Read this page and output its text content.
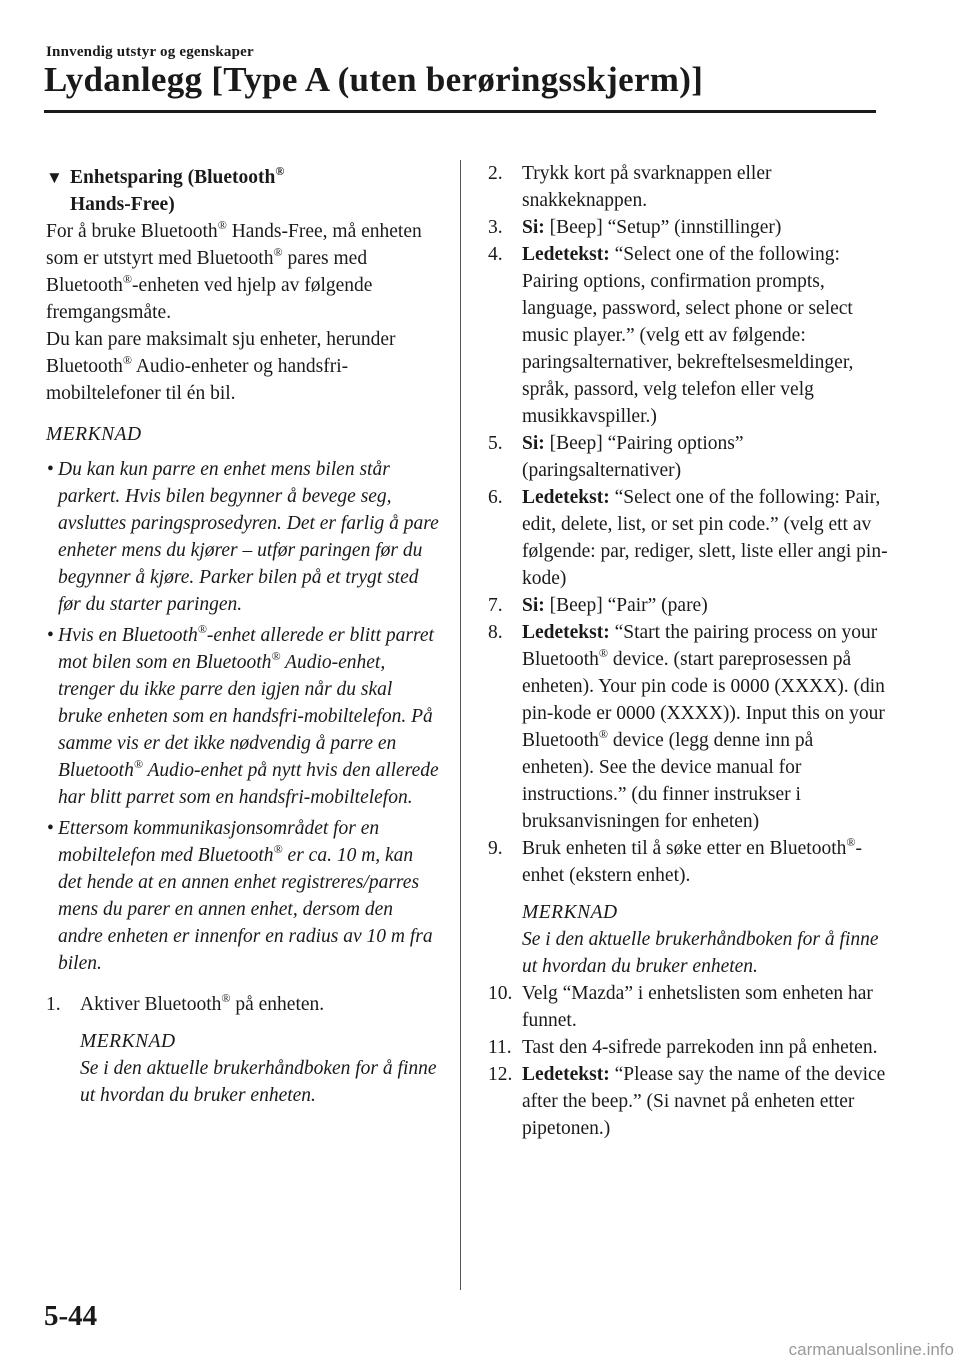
Innvendig utstyr og egenskaper
Lydanlegg [Type A (uten berøringsskjerm)]

▼ Enhetsparing (Bluetooth®
Hands-Free)

For å bruke Bluetooth® Hands-Free, må enheten som er utstyrt med Bluetooth® pares med Bluetooth®-enheten ved hjelp av følgende fremgangsmåte.

Du kan pare maksimalt sju enheter, herunder Bluetooth® Audio-enheter og handsfri-mobiltelefoner til én bil.

MERKNAD

• Du kan kun parre en enhet mens bilen står parkert. Hvis bilen begynner å bevege seg, avsluttes paringsprosedyren. Det er farlig å pare enheter mens du kjører – utfør paringen før du begynner å kjøre. Parker bilen på et trygt sted før du starter paringen.

• Hvis en Bluetooth®-enhet allerede er blitt parret mot bilen som en Bluetooth® Audio-enhet, trenger du ikke parre den igjen når du skal bruke enheten som en handsfri-mobiltelefon. På samme vis er det ikke nødvendig å parre en Bluetooth® Audio-enhet på nytt hvis den allerede har blitt parret som en handsfri-mobiltelefon.

• Ettersom kommunikasjonsområdet for en mobiltelefon med Bluetooth® er ca. 10 m, kan det hende at en annen enhet registreres/parres mens du parer en annen enhet, dersom den andre enheten er innenfor en radius av 10 m fra bilen.

1. Aktiver Bluetooth® på enheten.

MERKNAD

Se i den aktuelle brukerhåndboken for å finne ut hvordan du bruker enheten.

2. Trykk kort på svarknappen eller snakkeknappen.

3. Si: [Beep] “Setup” (innstillinger)

4. Ledetekst: “Select one of the following: Pairing options, confirmation prompts, language, password, select phone or select music player.” (velg ett av følgende: paringsalternativer, bekreftelsesmeldinger, språk, passord, velg telefon eller velg musikkavspiller.)

5. Si: [Beep] “Pairing options” (paringsalternativer)

6. Ledetekst: “Select one of the following: Pair, edit, delete, list, or set pin code.” (velg ett av følgende: par, rediger, slett, liste eller angi pin-kode)

7. Si: [Beep] “Pair” (pare)

8. Ledetekst: “Start the pairing process on your Bluetooth® device. (start pareprosessen på enheten). Your pin code is 0000 (XXXX). (din pin-kode er 0000 (XXXX)). Input this on your Bluetooth® device (legg denne inn på enheten). See the device manual for instructions.” (du finner instrukser i bruksanvisningen for enheten)

9. Bruk enheten til å søke etter en Bluetooth®-enhet (ekstern enhet).

MERKNAD

Se i den aktuelle brukerhåndboken for å finne ut hvordan du bruker enheten.

10. Velg “Mazda” i enhetslisten som enheten har funnet.

11. Tast den 4-sifrede parrekoden inn på enheten.

12. Ledetekst: “Please say the name of the device after the beep.” (Si navnet på enheten etter pipetonen.)

5-44
carmanualsonline.info
